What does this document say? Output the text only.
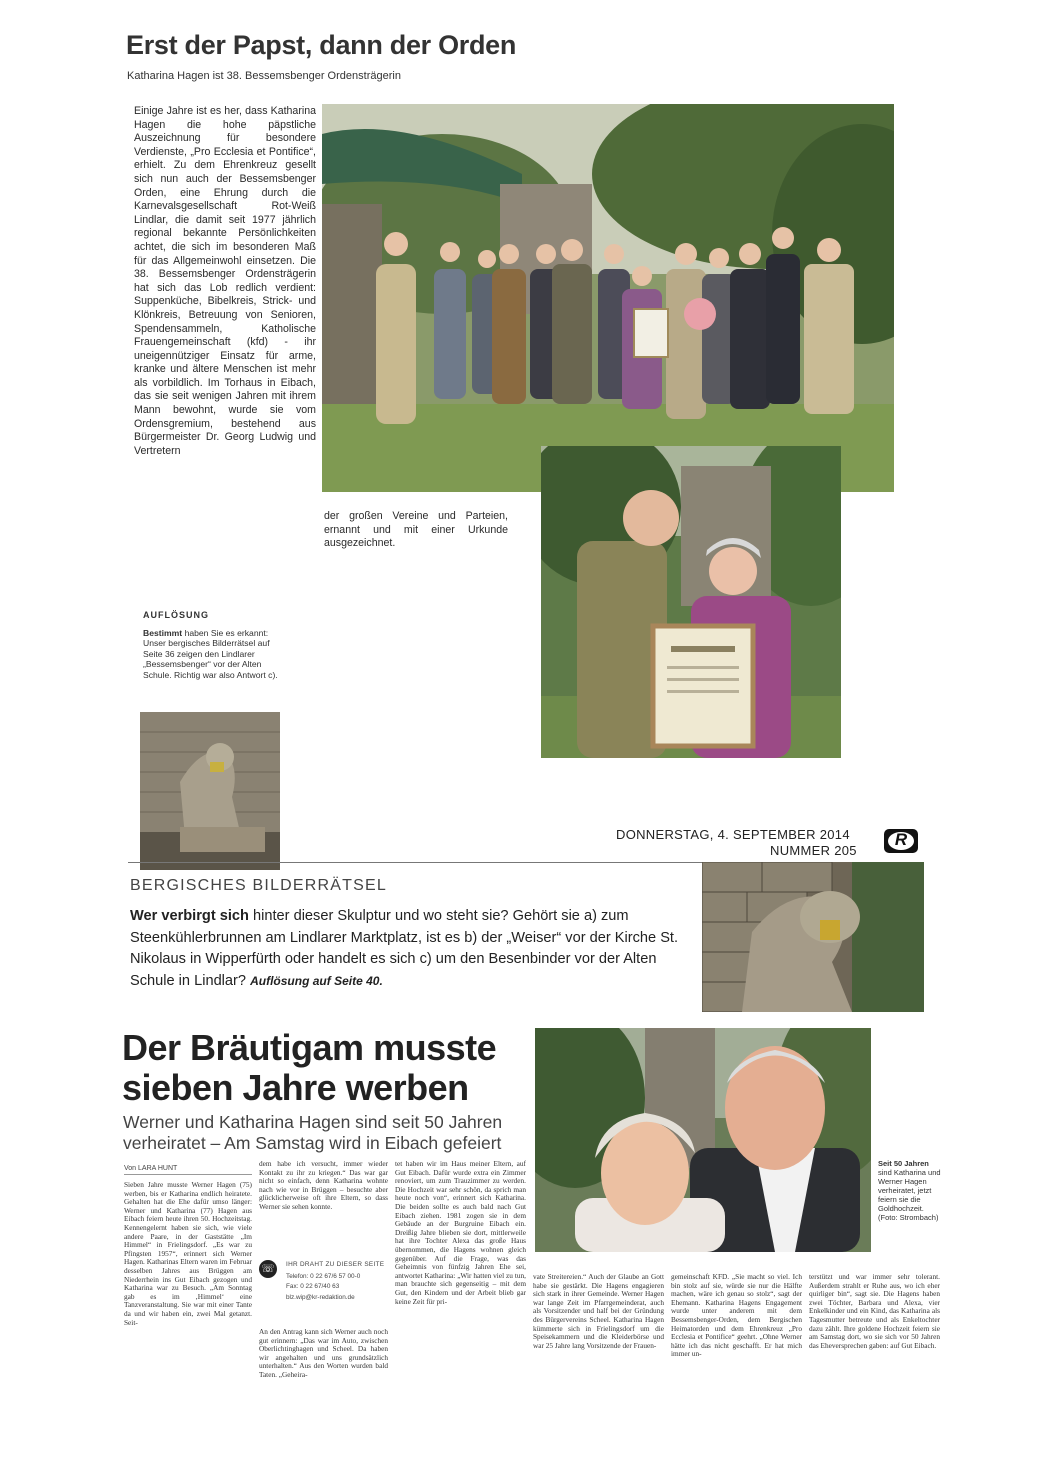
Erst der Papst, dann der Orden
Katharina Hagen ist 38. Bessemsbenger Ordensträgerin
Einige Jahre ist es her, dass Katharina Hagen die hohe päpstliche Auszeichnung für besondere Verdienste, „Pro Ecclesia et Pontifice“, erhielt. Zu dem Ehrenkreuz gesellt sich nun auch der Bessemsbenger Orden, eine Ehrung durch die Karnevalsgesellschaft Rot-Weiß Lindlar, die damit seit 1977 jährlich regional bekannte Persönlichkeiten achtet, die sich im besonderen Maß für das Allgemeinwohl einsetzen. Die 38. Bessemsbenger Ordensträgerin hat sich das Lob redlich verdient: Suppenküche, Bibelkreis, Strick- und Klönkreis, Betreuung von Senioren, Spendensammeln, Katholische Frauengemeinschaft (kfd) - ihr uneigennütziger Einsatz für arme, kranke und ältere Menschen ist mehr als vorbildlich. Im Torhaus in Eibach, das sie seit wenigen Jahren mit ihrem Mann bewohnt, wurde sie vom Ordensgremium, bestehend aus Bürgermeister Dr. Georg Ludwig und Vertretern
der großen Vereine und Parteien, ernannt und mit einer Urkunde ausgezeichnet.
AUFLÖSUNG
Bestimmt haben Sie es erkannt: Unser bergisches Bilderrätsel auf Seite 36 zeigen den Lindlarer „Bessemsbenger“ vor der Alten Schule. Richtig war also Antwort c).
DONNERSTAG, 4. SEPTEMBER 2014
NUMMER 205
R
BERGISCHES BILDERRÄTSEL
Wer verbirgt sich hinter dieser Skulptur und wo steht sie? Gehört sie a) zum Steenkühlerbrunnen am Lindlarer Marktplatz, ist es b) der „Weiser“ vor der Kirche St. Nikolaus in Wipperfürth oder handelt es sich c) um den Besenbinder vor der Alten Schule in Lindlar? Auflösung auf Seite 40.
Der Bräutigam musste
sieben Jahre werben
Werner und Katharina Hagen sind seit 50 Jahren
verheiratet – Am Samstag wird in Eibach gefeiert
Von LARA HUNT
Sieben Jahre musste Werner Hagen (75) werben, bis er Katharina endlich heiratete. Gehalten hat die Ehe dafür umso länger: Werner und Katharina (77) Hagen aus Eibach feiern heute ihren 50. Hochzeitstag. Kennengelernt haben sie sich, wie viele andere Paare, in der Gaststätte „Im Himmel“ in Frielingsdorf. „Es war zu Pfingsten 1957“, erinnert sich Werner Hagen. Katharinas Eltern waren im Februar desselben Jahres aus Brüggen am Niederrhein ins Gut Eibach gezogen und Katharina war zu Besuch. „Am Sonntag gab es im ‚Himmel‘ eine Tanzveranstaltung. Sie war mit einer Tante da und wir haben ein, zwei Mal getanzt. Seit-
dem habe ich versucht, immer wieder Kontakt zu ihr zu kriegen.“ Das war gar nicht so einfach, denn Katharina wohnte nach wie vor in Brüggen – besuchte aber glücklicherweise oft ihre Eltern, so dass Werner sie sehen konnte.
☏	IHR DRAHT ZU DIESER SEITE
Telefon: 0 22 67/6 57 00-0
Fax: 0 22 67/40 63
blz.wip@kr-redaktion.de
An den Antrag kann sich Werner auch noch gut erinnern: „Das war im Auto, zwischen Oberlichtinghagen und Scheel. Da haben wir angehalten und uns grundsätzlich unterhalten.“ Aus den Worten wurden bald Taten. „Geheira-
tet haben wir im Haus meiner Eltern, auf Gut Eibach. Dafür wurde extra ein Zimmer renoviert, um zum Trauzimmer zu werden. Die Hochzeit war sehr schön, da sprich man heute noch von“, erinnert sich Katharina. Die beiden sollte es auch bald nach Gut Eibach ziehen. 1981 zogen sie in dem Gebäude an der Burgruine Eibach ein. Dreißig Jahre blieben sie dort, mittlerweile hat ihre Tochter Alexa das große Haus übernommen, die Hagens wohnen gleich gegenüber. Auf die Frage, was das Geheimnis von fünfzig Jahren Ehe sei, antwortet Katharina: „Wir hatten viel zu tun, man brauchte sich gegenseitig – mit dem Gut, den Kindern und der Arbeit blieb gar keine Zeit für pri-
vate Streitereien.“ Auch der Glaube an Gott habe sie gestärkt. Die Hagens engagieren sich stark in ihrer Gemeinde. Werner Hagen war lange Zeit im Pfarrgemeinderat, auch als Vorsitzender und half bei der Gründung des Bürgervereins Scheel. Katharina Hagen kümmerte sich in Frielingsdorf um die Speisekammern und die Kleiderbörse und war 25 Jahre lang Vorsitzende der Frauen-
gemeinschaft KFD. „Sie macht so viel. Ich bin stolz auf sie, würde sie nur die Hälfte machen, wäre ich genau so stolz“, sagt der Ehemann. Katharina Hagens Engagement wurde unter anderem mit dem Bessemsbenger-Orden, dem Bergischen Heimatorden und dem Ehrenkreuz „Pro Ecclesia et Pontifice“ geehrt. „Ohne Werner hätte ich das nicht geschafft. Er hat mich immer un-
terstützt und war immer sehr tolerant. Außerdem strahlt er Ruhe aus, wo ich eher quirliger bin“, sagt sie. Die Hagens haben zwei Töchter, Barbara und Alexa, vier Enkelkinder und ein Kind, das Katharina als Tagesmutter betreute und als Enkeltochter dazu zählt. Ihre goldene Hochzeit feiern sie am Samstag dort, wo sie sich vor 50 Jahren das Eheversprechen gaben: auf Gut Eibach.
Seit 50 Jahren sind Katharina und Werner Hagen verheiratet, jetzt feiern sie die Goldhochzeit. (Foto: Strombach)
